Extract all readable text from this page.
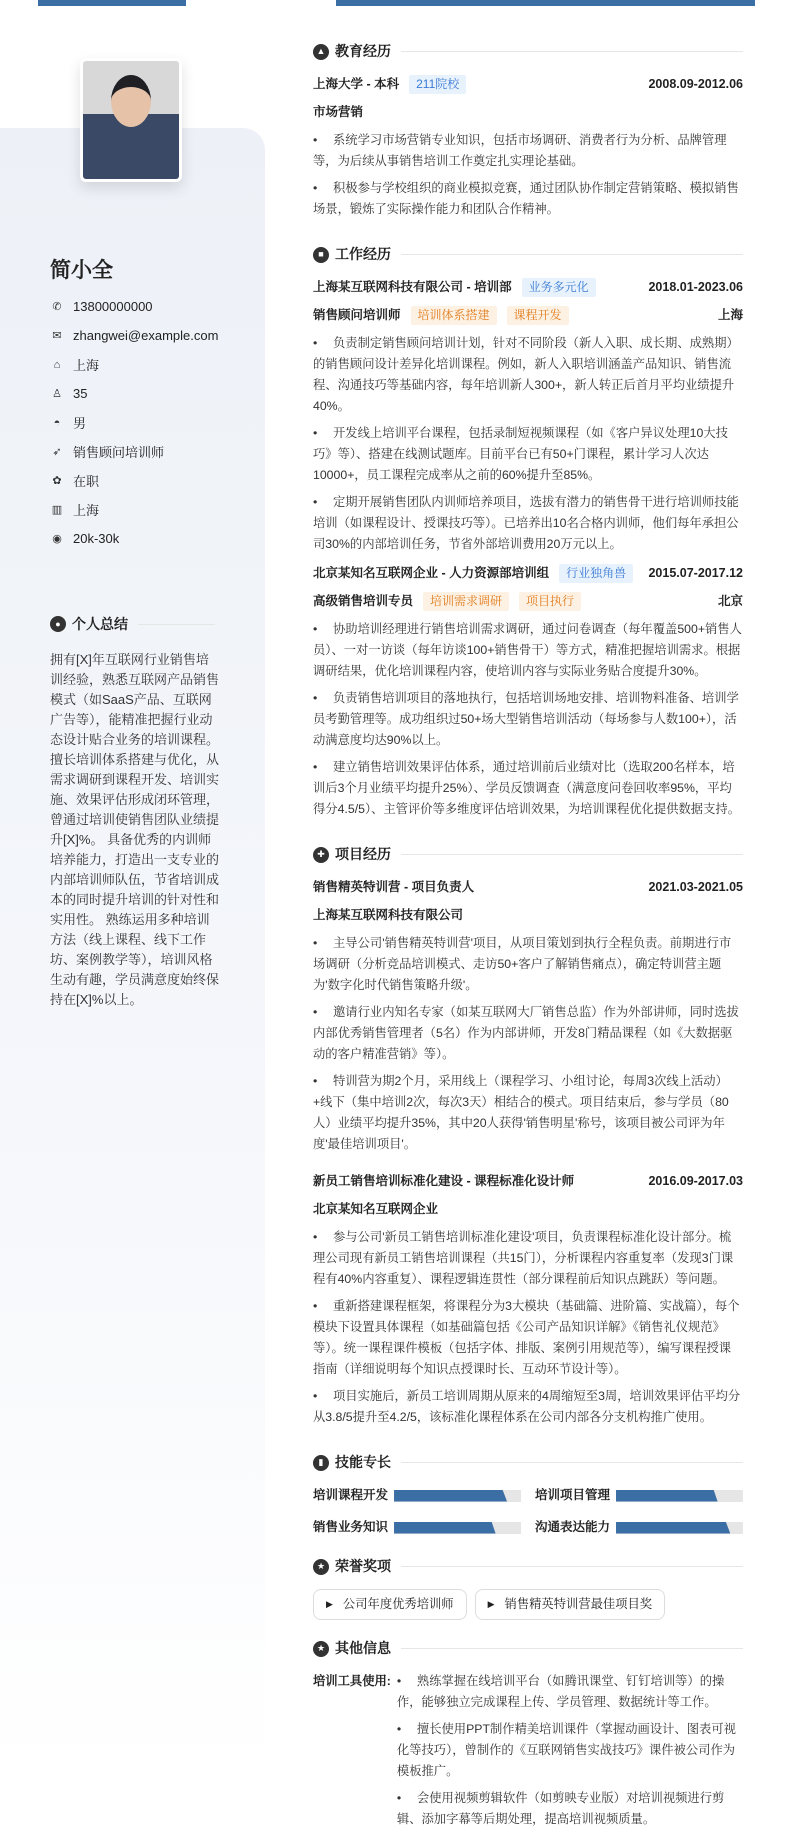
简小全
✆ 13800000000
✉ zhangwei@example.com
⌂ 上海
♙ 35
◓ 男
➶ 销售顾问培训师
✿ 在职
▥ 上海
◉ 20k-30k
● 个人总结
拥有[X]年互联网行业销售培训经验，熟悉互联网产品销售模式（如SaaS产品、互联网广告等），能精准把握行业动态设计贴合业务的培训课程。 擅长培训体系搭建与优化，从需求调研到课程开发、培训实施、效果评估形成闭环管理，曾通过培训使销售团队业绩提升[X]%。 具备优秀的内训师培养能力，打造出一支专业的内部培训师队伍，节省培训成本的同时提升培训的针对性和实用性。 熟练运用多种培训方法（线上课程、线下工作坊、案例教学等），培训风格生动有趣，学员满意度始终保持在[X]%以上。
▲ 教育经历
上海大学 - 本科	211院校	2008.09-2012.06
市场营销
• 系统学习市场营销专业知识，包括市场调研、消费者行为分析、品牌管理等，为后续从事销售培训工作奠定扎实理论基础。
• 积极参与学校组织的商业模拟竞赛，通过团队协作制定营销策略、模拟销售场景，锻炼了实际操作能力和团队合作精神。
■ 工作经历
上海某互联网科技有限公司 - 培训部	业务多元化	2018.01-2023.06
销售顾问培训师	培训体系搭建	课程开发	上海
• 负责制定销售顾问培训计划，针对不同阶段（新人入职、成长期、成熟期）的销售顾问设计差异化培训课程。例如，新人入职培训涵盖产品知识、销售流程、沟通技巧等基础内容，每年培训新人300+，新人转正后首月平均业绩提升40%。
• 开发线上培训平台课程，包括录制短视频课程（如《客户异议处理10大技巧》等）、搭建在线测试题库。目前平台已有50+门课程，累计学习人次达10000+，员工课程完成率从之前的60%提升至85%。
• 定期开展销售团队内训师培养项目，选拔有潜力的销售骨干进行培训师技能培训（如课程设计、授课技巧等）。已培养出10名合格内训师，他们每年承担公司30%的内部培训任务，节省外部培训费用20万元以上。
北京某知名互联网企业 - 人力资源部培训组	行业独角兽	2015.07-2017.12
高级销售培训专员	培训需求调研	项目执行	北京
• 协助培训经理进行销售培训需求调研，通过问卷调查（每年覆盖500+销售人员）、一对一访谈（每年访谈100+销售骨干）等方式，精准把握培训需求。根据调研结果，优化培训课程内容，使培训内容与实际业务贴合度提升30%。
• 负责销售培训项目的落地执行，包括培训场地安排、培训物料准备、培训学员考勤管理等。成功组织过50+场大型销售培训活动（每场参与人数100+），活动满意度均达90%以上。
• 建立销售培训效果评估体系，通过培训前后业绩对比（选取200名样本，培训后3个月业绩平均提升25%）、学员反馈调查（满意度问卷回收率95%，平均得分4.5/5）、主管评价等多维度评估培训效果，为培训课程优化提供数据支持。
✚ 项目经历
销售精英特训营 - 项目负责人	2021.03-2021.05
上海某互联网科技有限公司
• 主导公司'销售精英特训营'项目，从项目策划到执行全程负责。前期进行市场调研（分析竞品培训模式、走访50+客户了解销售痛点），确定特训营主题为'数字化时代销售策略升级'。
• 邀请行业内知名专家（如某互联网大厂销售总监）作为外部讲师，同时选拔内部优秀销售管理者（5名）作为内部讲师，开发8门精品课程（如《大数据驱动的客户精准营销》等）。
• 特训营为期2个月，采用线上（课程学习、小组讨论，每周3次线上活动）+线下（集中培训2次，每次3天）相结合的模式。项目结束后，参与学员（80人）业绩平均提升35%，其中20人获得'销售明星'称号，该项目被公司评为年度'最佳培训项目'。
新员工销售培训标准化建设 - 课程标准化设计师	2016.09-2017.03
北京某知名互联网企业
• 参与公司'新员工销售培训标准化建设'项目，负责课程标准化设计部分。梳理公司现有新员工销售培训课程（共15门），分析课程内容重复率（发现3门课程有40%内容重复）、课程逻辑连贯性（部分课程前后知识点跳跃）等问题。
• 重新搭建课程框架，将课程分为3大模块（基础篇、进阶篇、实战篇），每个模块下设置具体课程（如基础篇包括《公司产品知识详解》《销售礼仪规范》等）。统一课程课件模板（包括字体、排版、案例引用规范等），编写课程授课指南（详细说明每个知识点授课时长、互动环节设计等）。
• 项目实施后，新员工培训周期从原来的4周缩短至3周，培训效果评估平均分从3.8/5提升至4.2/5，该标准化课程体系在公司内部各分支机构推广使用。
▮ 技能专长
培训课程开发	培训项目管理
销售业务知识	沟通表达能力
★ 荣誉奖项
▶ 公司年度优秀培训师	▶ 销售精英特训营最佳项目奖
★ 其他信息
培训工具使用: • 熟练掌握在线培训平台（如腾讯课堂、钉钉培训等）的操作，能够独立完成课程上传、学员管理、数据统计等工作。
• 擅长使用PPT制作精美培训课件（掌握动画设计、图表可视化等技巧），曾制作的《互联网销售实战技巧》课件被公司作为模板推广。
• 会使用视频剪辑软件（如剪映专业版）对培训视频进行剪辑、添加字幕等后期处理，提高培训视频质量。
